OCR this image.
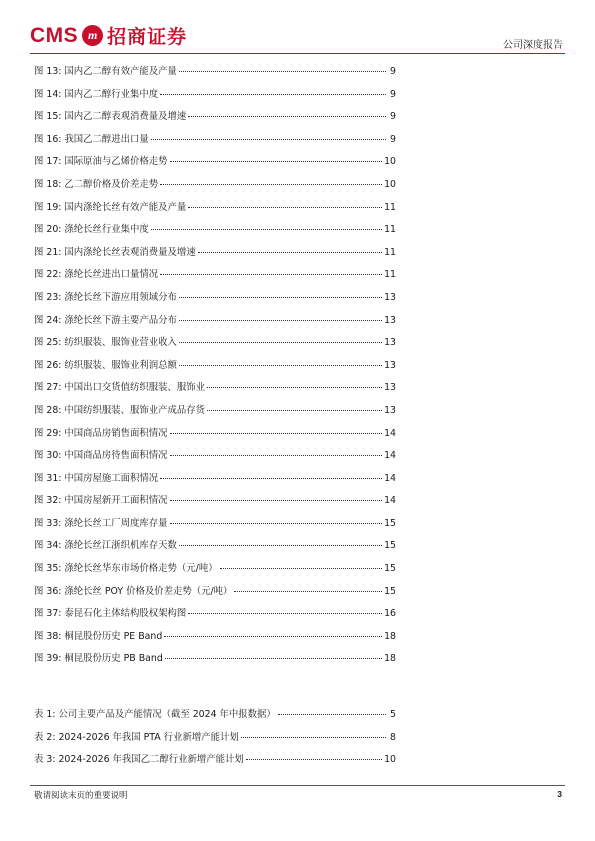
CMS m 招商证券	公司深度报告
图 13: 国内乙二醇有效产能及产量	9
图 14: 国内乙二醇行业集中度	9
图 15: 国内乙二醇表观消费量及增速	9
图 16: 我国乙二醇进出口量	9
图 17: 国际原油与乙烯价格走势	10
图 18: 乙二醇价格及价差走势	10
图 19: 国内涤纶长丝有效产能及产量	11
图 20: 涤纶长丝行业集中度	11
图 21: 国内涤纶长丝表观消费量及增速	11
图 22: 涤纶长丝进出口量情况	11
图 23: 涤纶长丝下游应用领域分布	13
图 24: 涤纶长丝下游主要产品分布	13
图 25: 纺织服装、服饰业营业收入	13
图 26: 纺织服装、服饰业利润总额	13
图 27: 中国出口交货值纺织服装、服饰业	13
图 28: 中国纺织服装、服饰业产成品存货	13
图 29: 中国商品房销售面积情况	14
图 30: 中国商品房待售面积情况	14
图 31: 中国房屋施工面积情况	14
图 32: 中国房屋新开工面积情况	14
图 33: 涤纶长丝工厂周度库存量	15
图 34: 涤纶长丝江浙织机库存天数	15
图 35: 涤纶长丝华东市场价格走势（元/吨）	15
图 36: 涤纶长丝 POY 价格及价差走势（元/吨）	15
图 37: 泰昆石化主体结构股权架构图	16
图 38: 桐昆股份历史 PE Band	18
图 39: 桐昆股份历史 PB Band	18
表 1: 公司主要产品及产能情况（截至 2024 年中报数据）	5
表 2: 2024-2026 年我国 PTA 行业新增产能计划	8
表 3: 2024-2026 年我国乙二醇行业新增产能计划	10
敬请阅读末页的重要说明	3
